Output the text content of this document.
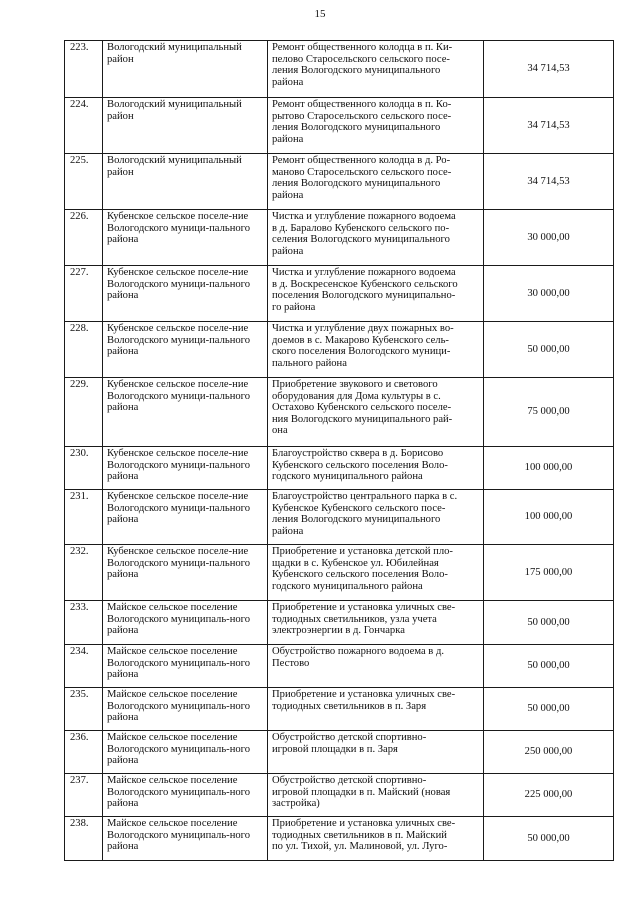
15
223.	Вологодский муниципальный район	Ремонт общественного колодца в п. Ки-
пелово Старосельского сельского посе-
ления Вологодского муниципального
района	34 714,53
224.	Вологодский муниципальный район	Ремонт общественного колодца в п. Ко-
рытово Старосельского сельского посе-
ления Вологодского муниципального
района	34 714,53
225.	Вологодский муниципальный район	Ремонт общественного колодца в д. Ро-
маново Старосельского сельского посе-
ления Вологодского муниципального
района	34 714,53
226.	Кубенское сельское поселе-ние Вологодского муници-пального района	Чистка и углубление пожарного водоема
в д. Баралово Кубенского сельского по-
селения Вологодского муниципального
района	30 000,00
227.	Кубенское сельское поселе-ние Вологодского муници-пального района	Чистка и углубление пожарного водоема
в д. Воскресенское Кубенского сельского
поселения Вологодского муниципально-
го района	30 000,00
228.	Кубенское сельское поселе-ние Вологодского муници-пального района	Чистка и углубление двух пожарных во-
доемов в с. Макарово Кубенского сель-
ского поселения Вологодского муници-
пального района	50 000,00
229.	Кубенское сельское поселе-ние Вологодского муници-пального района	Приобретение звукового и светового
оборудования для Дома культуры в с.
Остахово Кубенского сельского поселе-
ния Вологодского муниципального рай-
она	75 000,00
230.	Кубенское сельское поселе-ние Вологодского муници-пального района	Благоустройство сквера в д. Борисово
Кубенского сельского поселения Воло-
годского муниципального района	100 000,00
231.	Кубенское сельское поселе-ние Вологодского муници-пального района	Благоустройство центрального парка в с.
Кубенское Кубенского сельского посе-
ления Вологодского муниципального
района	100 000,00
232.	Кубенское сельское поселе-ние Вологодского муници-пального района	Приобретение и установка детской пло-
щадки в с. Кубенское ул. Юбилейная
Кубенского сельского поселения Воло-
годского муниципального района	175 000,00
233.	Майское сельское поселение Вологодского муниципаль-ного района	Приобретение и установка уличных све-
тодиодных светильников, узла учета
электроэнергии в д. Гончарка	50 000,00
234.	Майское сельское поселение Вологодского муниципаль-ного района	Обустройство пожарного водоема в д.
Пестово	50 000,00
235.	Майское сельское поселение Вологодского муниципаль-ного района	Приобретение и установка уличных све-
тодиодных светильников в п. Заря	50 000,00
236.	Майское сельское поселение Вологодского муниципаль-ного района	Обустройство детской спортивно-
игровой площадки в п. Заря	250 000,00
237.	Майское сельское поселение Вологодского муниципаль-ного района	Обустройство детской спортивно-
игровой площадки в п. Майский (новая
застройка)	225 000,00
238.	Майское сельское поселение Вологодского муниципаль-ного района	Приобретение и установка уличных све-
тодиодных светильников в п. Майский
по ул. Тихой, ул. Малиновой, ул. Луго-	50 000,00
